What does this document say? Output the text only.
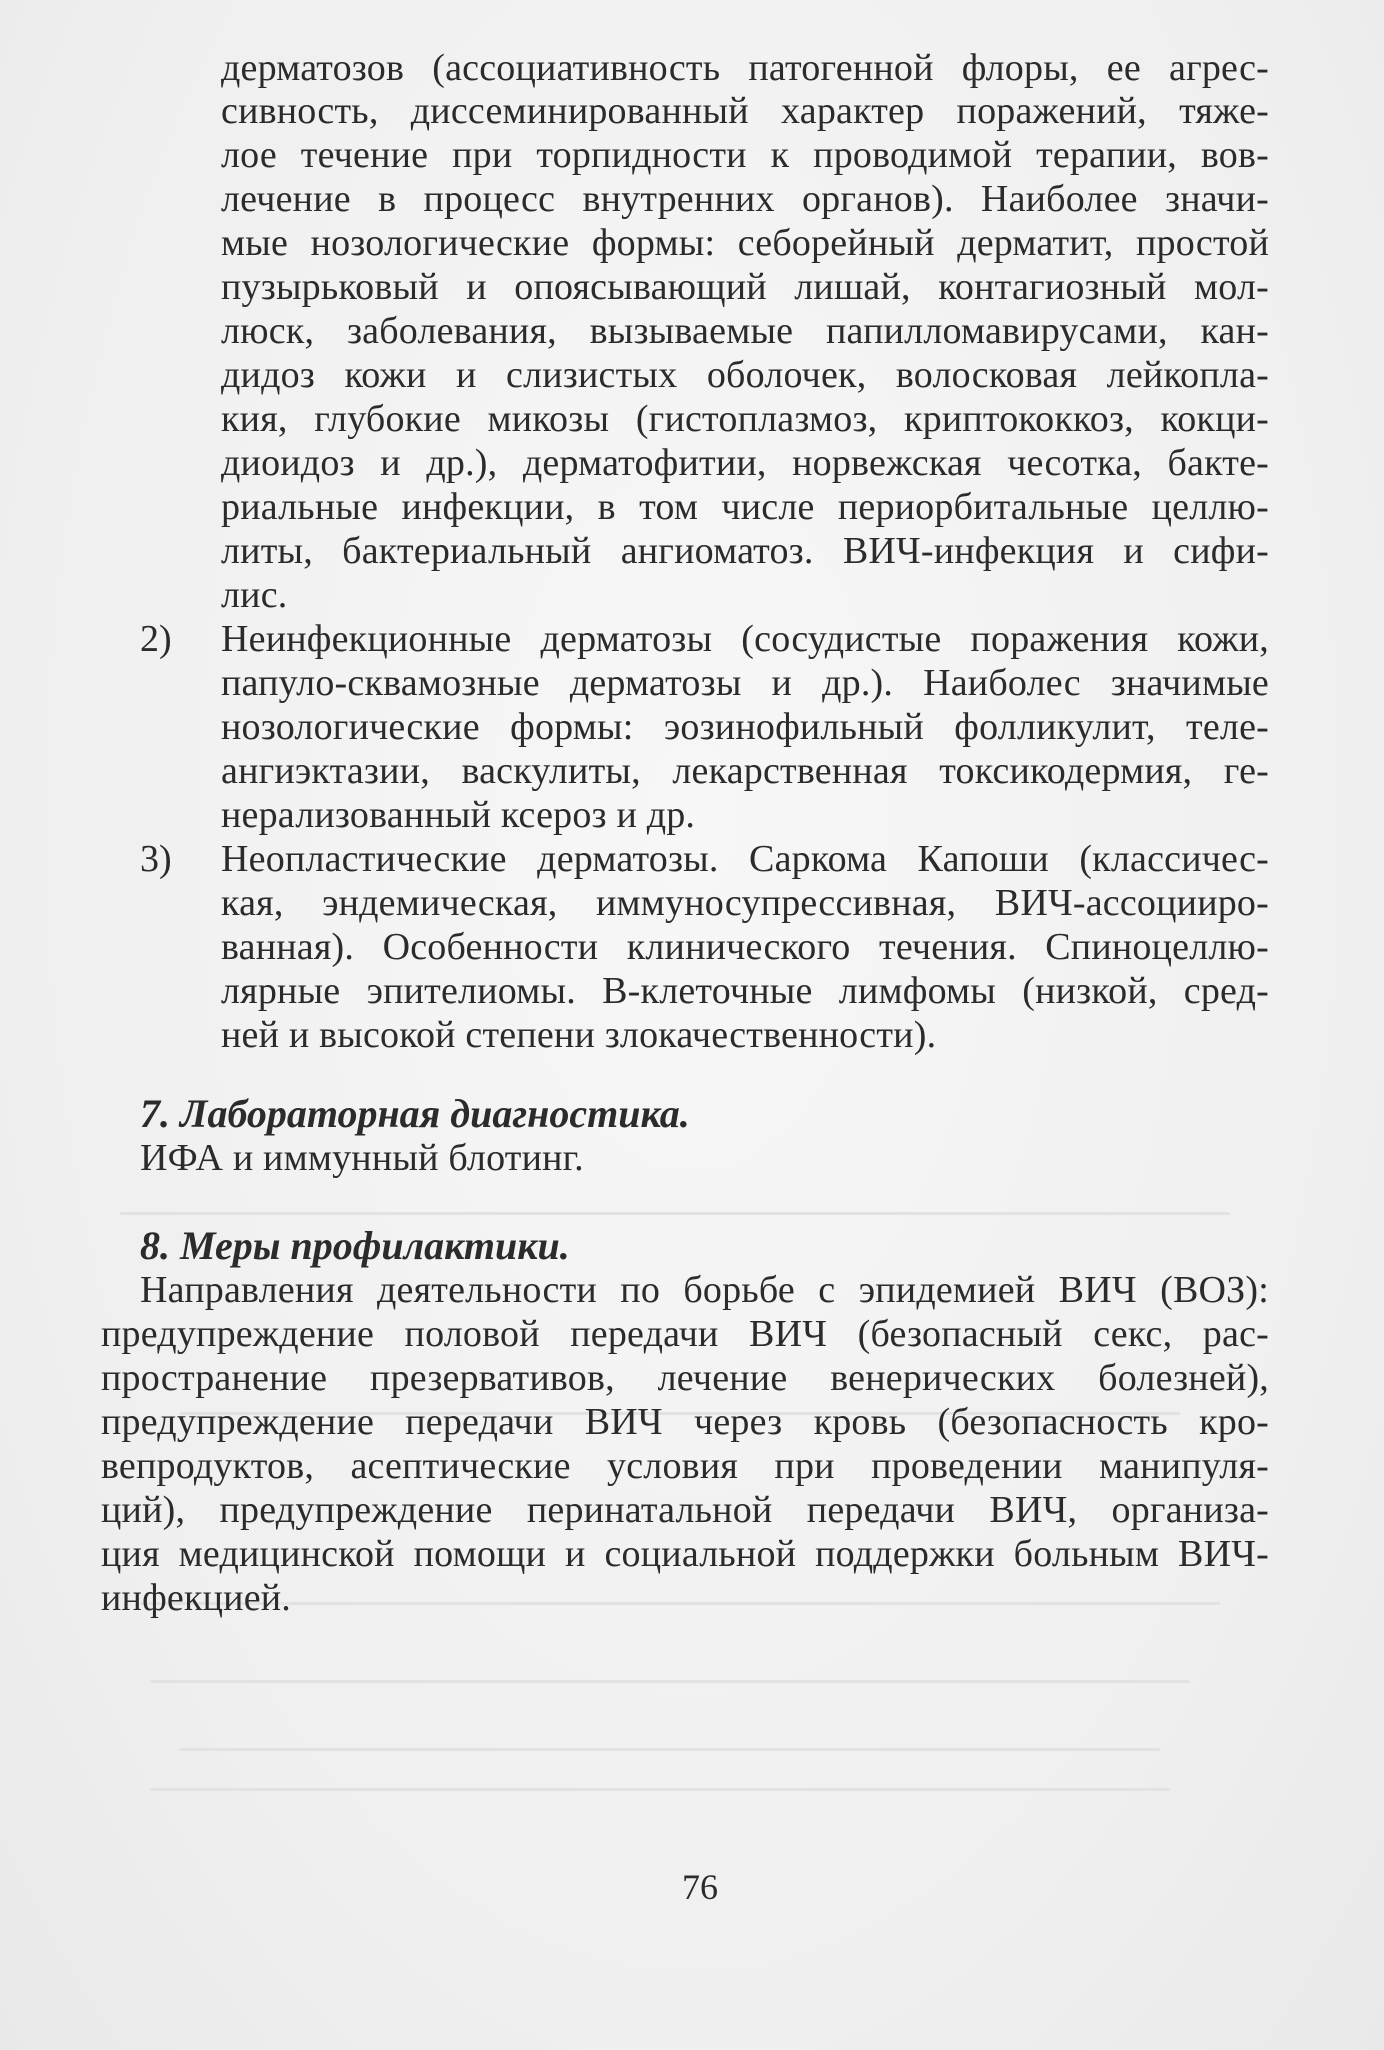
дерматозов (ассоциативность патогенной флоры, ее агрес-
сивность, диссеминированный характер поражений, тяже-
лое течение при торпидности к проводимой терапии, вов-
лечение в процесс внутренних органов). Наиболее значи-
мые нозологические формы: себорейный дерматит, простой
пузырьковый и опоясывающий лишай, контагиозный мол-
люск, заболевания, вызываемые папилломавирусами, кан-
дидоз кожи и слизистых оболочек, волосковая лейкопла-
кия, глубокие микозы (гистоплазмоз, криптококкоз, кокци-
диоидоз и др.), дерматофитии, норвежская чесотка, бакте-
риальные инфекции, в том числе периорбитальные целлю-
литы, бактериальный ангиоматоз. ВИЧ-инфекция и сифи-
лис.
2) Неинфекционные дерматозы (сосудистые поражения кожи,
папуло-сквамозные дерматозы и др.). Наиболес значимые
нозологические формы: эозинофильный фолликулит, теле-
ангиэктазии, васкулиты, лекарственная токсикодермия, ге-
нерализованный ксероз и др.
3) Неопластические дерматозы. Саркома Капоши (классичес-
кая, эндемическая, иммуносупрессивная, ВИЧ-ассоцииро-
ванная). Особенности клинического течения. Спиноцеллю-
лярные эпителиомы. В-клеточные лимфомы (низкой, сред-
ней и высокой степени злокачественности).
7. Лабораторная диагностика.
ИФА и иммунный блотинг.
8. Меры профилактики.
Направления деятельности по борьбе с эпидемией ВИЧ (ВОЗ):
предупреждение половой передачи ВИЧ (безопасный секс, рас-
пространение презервативов, лечение венерических болезней),
предупреждение передачи ВИЧ через кровь (безопасность кро-
вепродуктов, асептические условия при проведении манипуля-
ций), предупреждение перинатальной передачи ВИЧ, организа-
ция медицинской помощи и социальной поддержки больным ВИЧ-
инфекцией.
76
